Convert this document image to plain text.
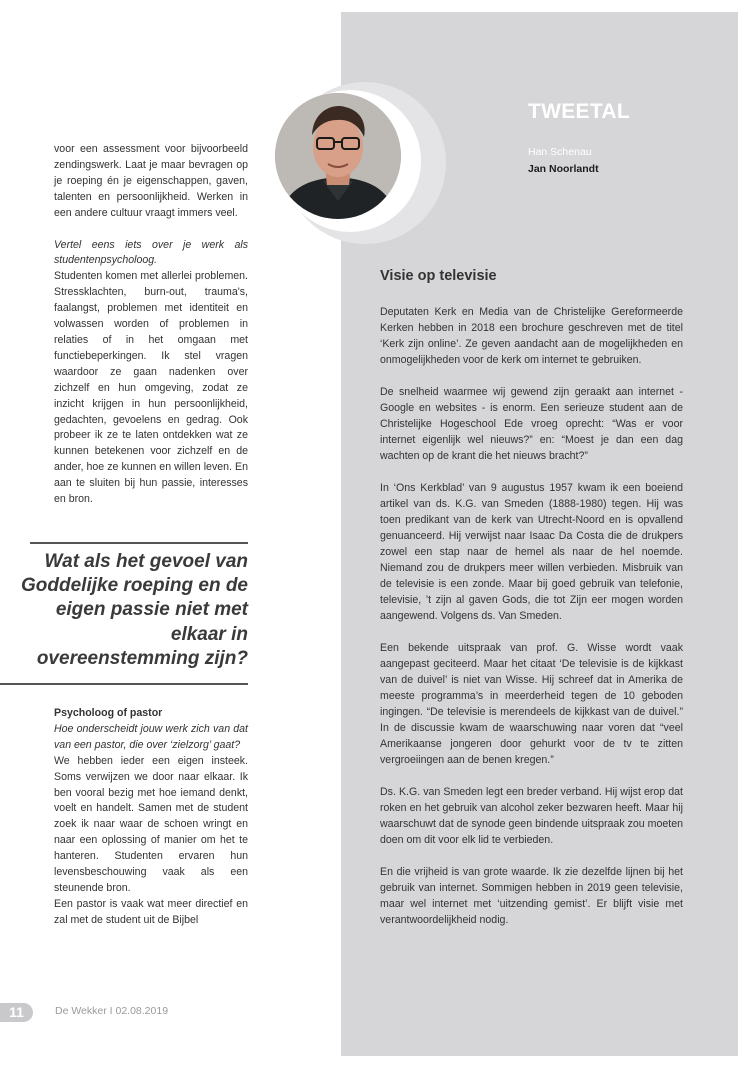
TWEETAL
Han Schenau
Jan Noorlandt

voor een assessment voor bijvoorbeeld zendingswerk. Laat je maar bevragen op je roeping én je eigenschappen, gaven, talenten en persoonlijkheid. Werken in een andere cultuur vraagt immers veel.

Vertel eens iets over je werk als studentenpsycholoog.

Studenten komen met allerlei problemen. Stressklachten, burn-out, trauma's, faalangst, problemen met identiteit en volwassen worden of problemen in relaties of in het omgaan met functiebeperkingen. Ik stel vragen waardoor ze gaan nadenken over zichzelf en hun omgeving, zodat ze inzicht krijgen in hun persoonlijkheid, gedachten, gevoelens en gedrag. Ook probeer ik ze te laten ontdekken wat ze kunnen betekenen voor zichzelf en de ander, hoe ze kunnen en willen leven. En aan te sluiten bij hun passie, interesses en bron.

Wat als het gevoel van Goddelijke roeping en de eigen passie niet met elkaar in overeenstemming zijn?

Psycholoog of pastor

Hoe onderscheidt jouw werk zich van dat van een pastor, die over ‘zielzorg’ gaat?

We hebben ieder een eigen insteek. Soms verwijzen we door naar elkaar. Ik ben vooral bezig met hoe iemand denkt, voelt en handelt. Samen met de student zoek ik naar waar de schoen wringt en naar een oplossing of manier om het te hanteren. Studenten ervaren hun levensbeschouwing vaak als een steunende bron.

Een pastor is vaak wat meer directief en zal met de student uit de Bijbel

Visie op televisie

Deputaten Kerk en Media van de Christelijke Gereformeerde Kerken hebben in 2018 een brochure geschreven met de titel ‘Kerk zijn online’. Ze geven aandacht aan de mogelijkheden en onmogelijkheden voor de kerk om internet te gebruiken.

De snelheid waarmee wij gewend zijn geraakt aan internet - Google en websites - is enorm. Een serieuze student aan de Christelijke Hogeschool Ede vroeg oprecht: “Was er voor internet eigenlijk wel nieuws?” en: “Moest je dan een dag wachten op de krant die het nieuws bracht?”

In ‘Ons Kerkblad’ van 9 augustus 1957 kwam ik een boeiend artikel van ds. K.G. van Smeden (1888-1980) tegen. Hij was toen predikant van de kerk van Utrecht-Noord en is opvallend genuanceerd. Hij verwijst naar Isaac Da Costa die de drukpers zowel een stap naar de hemel als naar de hel noemde. Niemand zou de drukpers meer willen verbieden. Misbruik van de televisie is een zonde. Maar bij goed gebruik van telefonie, televisie, ’t zijn al gaven Gods, die tot Zijn eer mogen worden aangewend. Volgens ds. Van Smeden.

Een bekende uitspraak van prof. G. Wisse wordt vaak aangepast geciteerd. Maar het citaat ‘De televisie is de kijkkast van de duivel’ is niet van Wisse. Hij schreef dat in Amerika de meeste programma’s in meerderheid tegen de 10 geboden ingingen. “De televisie is merendeels de kijkkast van de duivel.” In de discussie kwam de waarschuwing naar voren dat “veel Amerikaanse jongeren door gehurkt voor de tv te zitten vergroeiingen aan de benen kregen.”

Ds. K.G. van Smeden legt een breder verband. Hij wijst erop dat roken en het gebruik van alcohol zeker bezwaren heeft. Maar hij waarschuwt dat de synode geen bindende uitspraak zou moeten doen om dit voor elk lid te verbieden.

En die vrijheid is van grote waarde. Ik zie dezelfde lijnen bij het gebruik van internet. Sommigen hebben in 2019 geen televisie, maar wel internet met ‘uitzending gemist’. Er blijft visie met verantwoordelijkheid nodig.

11	De Wekker I 02.08.2019
